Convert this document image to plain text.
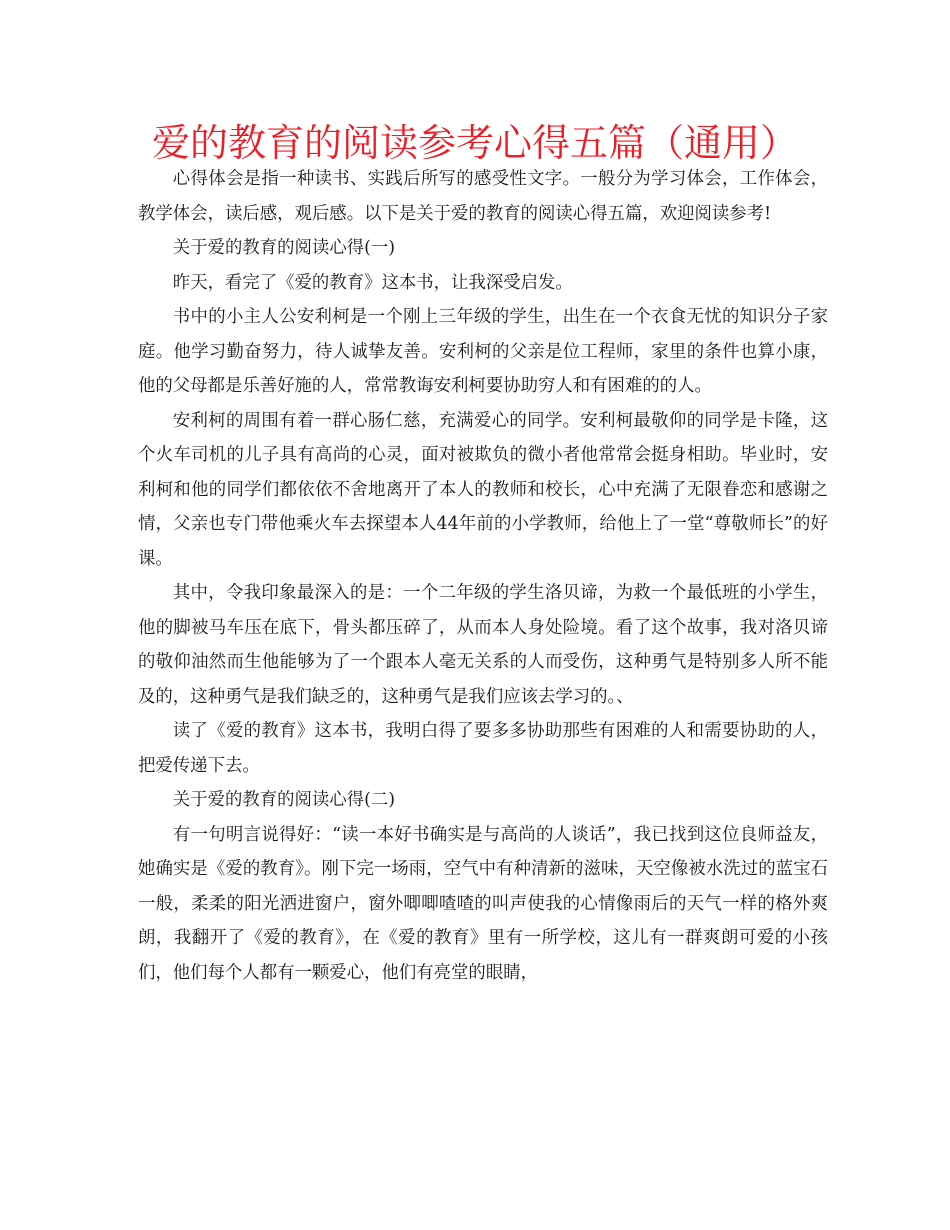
爱的教育的阅读参考心得五篇（通用）

心得体会是指一种读书、实践后所写的感受性文字。一般分为学习体会，工作体会，教学体会，读后感，观后感。以下是关于爱的教育的阅读心得五篇，欢迎阅读参考!

关于爱的教育的阅读心得(一)

昨天，看完了《爱的教育》这本书，让我深受启发。

书中的小主人公安利柯是一个刚上三年级的学生，出生在一个衣食无忧的知识分子家庭。他学习勤奋努力，待人诚挚友善。安利柯的父亲是位工程师，家里的条件也算小康，他的父母都是乐善好施的人，常常教诲安利柯要协助穷人和有困难的的人。

安利柯的周围有着一群心肠仁慈，充满爱心的同学。安利柯最敬仰的同学是卡隆，这个火车司机的儿子具有高尚的心灵，面对被欺负的微小者他常常会挺身相助。毕业时，安利柯和他的同学们都依依不舍地离开了本人的教师和校长，心中充满了无限眷恋和感谢之情，父亲也专门带他乘火车去探望本人44年前的小学教师，给他上了一堂“尊敬师长”的好课。

其中，令我印象最深入的是：一个二年级的学生洛贝谛，为救一个最低班的小学生，他的脚被马车压在底下，骨头都压碎了，从而本人身处险境。看了这个故事，我对洛贝谛的敬仰油然而生他能够为了一个跟本人毫无关系的人而受伤，这种勇气是特别多人所不能及的，这种勇气是我们缺乏的，这种勇气是我们应该去学习的。、

读了《爱的教育》这本书，我明白得了要多多协助那些有困难的人和需要协助的人，把爱传递下去。

关于爱的教育的阅读心得(二)

有一句明言说得好：“读一本好书确实是与高尚的人谈话”，我已找到这位良师益友，她确实是《爱的教育》。刚下完一场雨，空气中有种清新的滋味，天空像被水洗过的蓝宝石一般，柔柔的阳光洒进窗户，窗外唧唧喳喳的叫声使我的心情像雨后的天气一样的格外爽朗，我翻开了《爱的教育》，在《爱的教育》里有一所学校，这儿有一群爽朗可爱的小孩们，他们每个人都有一颗爱心，他们有亮堂的眼睛，
